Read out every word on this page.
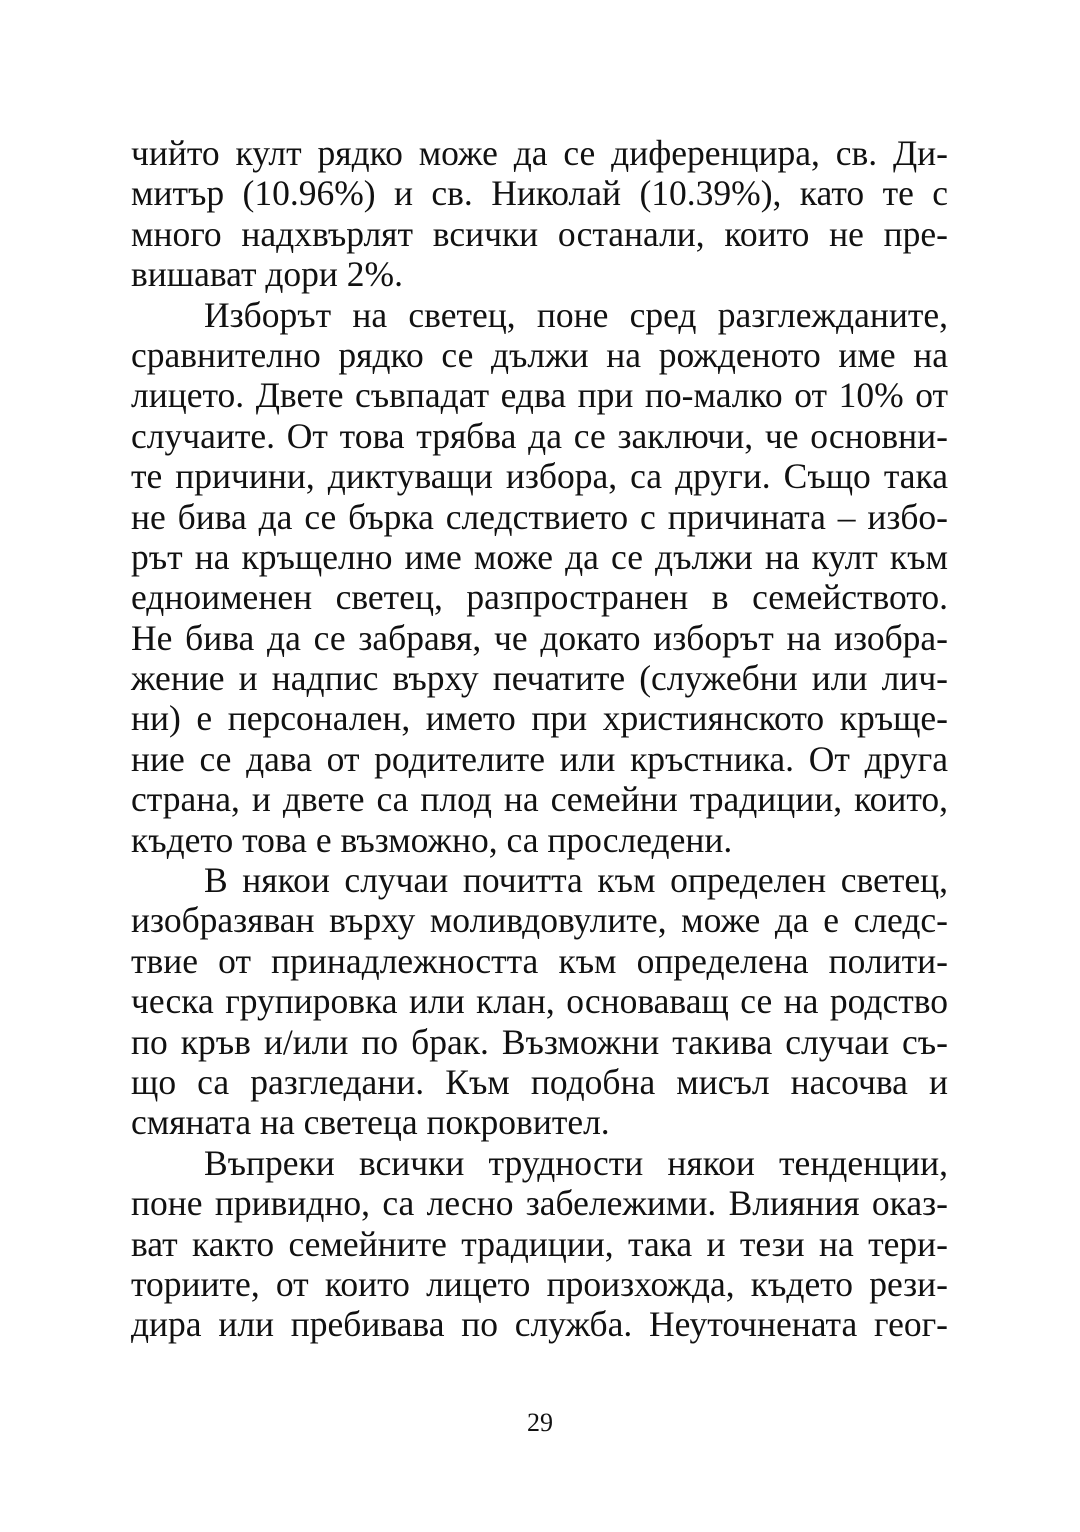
чийто култ рядко може да се диференцира, св. Ди-
митър (10.96%) и св. Николай (10.39%), като те с
много надхвърлят всички останали, които не пре-
вишават дори 2%.
Изборът на светец, поне сред разглежданите,
сравнително рядко се дължи на рожденото име на
лицето. Двете съвпадат едва при по-малко от 10% от
случаите. От това трябва да се заключи, че основни-
те причини, диктуващи избора, са други. Също така
не бива да се бърка следствието с причината – избо-
рът на кръщелно име може да се дължи на култ към
едноименен светец, разпространен в семейството.
Не бива да се забравя, че докато изборът на изобра-
жение и надпис върху печатите (служебни или лич-
ни) е персонален, името при християнското кръще-
ние се дава от родителите или кръстника. От друга
страна, и двете са плод на семейни традиции, които,
където това е възможно, са проследени.
В някои случаи почитта към определен светец,
изобразяван върху моливдовулите, може да е следс-
твие от принадлежността към определена полити-
ческа групировка или клан, основаващ се на родство
по кръв и/или по брак. Възможни такива случаи съ-
що са разгледани. Към подобна мисъл насочва и
смяната на светеца покровител.
Въпреки всички трудности някои тенденции,
поне привидно, са лесно забележими. Влияния оказ-
ват както семейните традиции, така и тези на тери-
ториите, от които лицето произхожда, където рези-
дира или пребивава по служба. Неуточнената геог-
29
